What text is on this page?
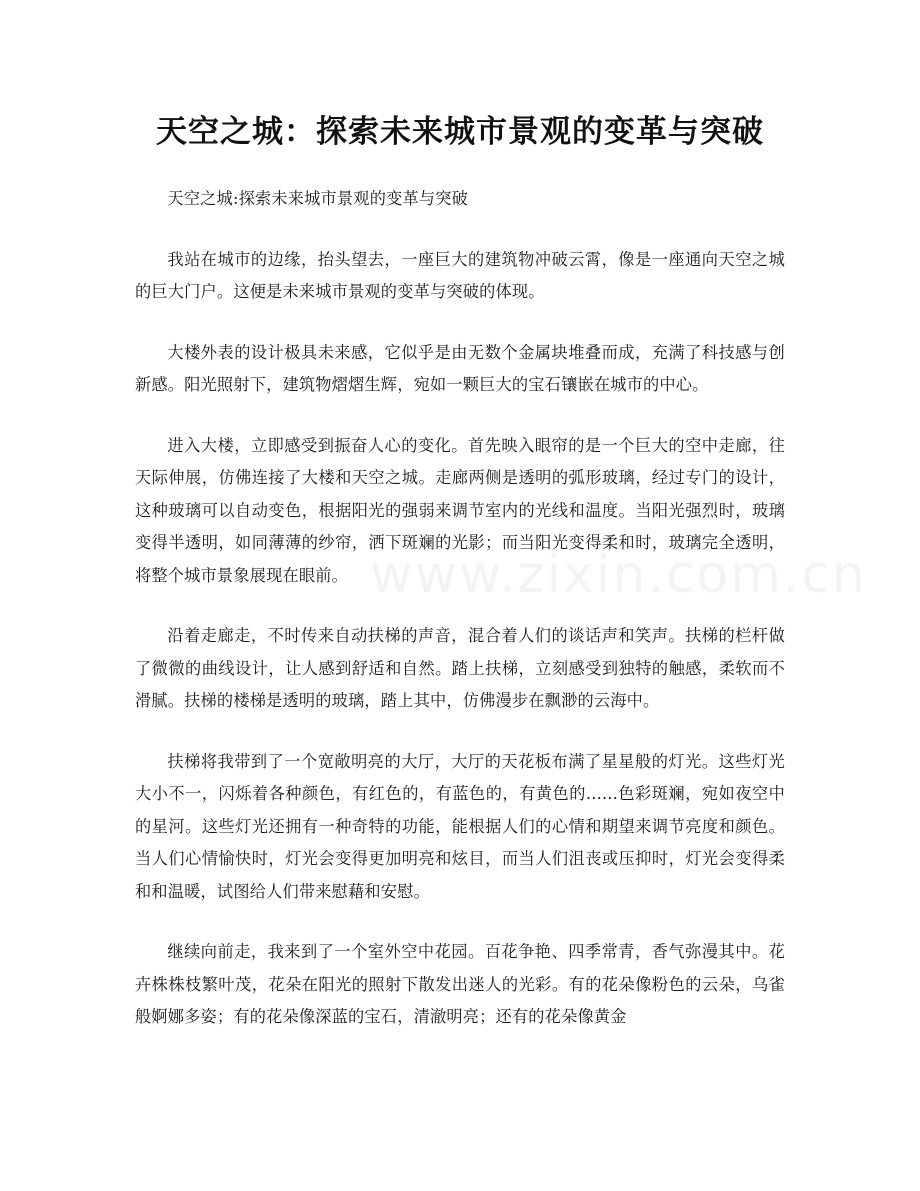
天空之城：探索未来城市景观的变革与突破

天空之城:探索未来城市景观的变革与突破

我站在城市的边缘，抬头望去，一座巨大的建筑物冲破云霄，像是一座通向天空之城的巨大门户。这便是未来城市景观的变革与突破的体现。

大楼外表的设计极具未来感，它似乎是由无数个金属块堆叠而成，充满了科技感与创新感。阳光照射下，建筑物熠熠生辉，宛如一颗巨大的宝石镶嵌在城市的中心。

进入大楼，立即感受到振奋人心的变化。首先映入眼帘的是一个巨大的空中走廊，往天际伸展，仿佛连接了大楼和天空之城。走廊两侧是透明的弧形玻璃，经过专门的设计，这种玻璃可以自动变色，根据阳光的强弱来调节室内的光线和温度。当阳光强烈时，玻璃变得半透明，如同薄薄的纱帘，洒下斑斓的光影；而当阳光变得柔和时，玻璃完全透明，将整个城市景象展现在眼前。

沿着走廊走，不时传来自动扶梯的声音，混合着人们的谈话声和笑声。扶梯的栏杆做了微微的曲线设计，让人感到舒适和自然。踏上扶梯，立刻感受到独特的触感，柔软而不滑腻。扶梯的楼梯是透明的玻璃，踏上其中，仿佛漫步在飘渺的云海中。

扶梯将我带到了一个宽敞明亮的大厅，大厅的天花板布满了星星般的灯光。这些灯光大小不一，闪烁着各种颜色，有红色的，有蓝色的，有黄色的......色彩斑斓，宛如夜空中的星河。这些灯光还拥有一种奇特的功能，能根据人们的心情和期望来调节亮度和颜色。当人们心情愉快时，灯光会变得更加明亮和炫目，而当人们沮丧或压抑时，灯光会变得柔和和温暖，试图给人们带来慰藉和安慰。

继续向前走，我来到了一个室外空中花园。百花争艳、四季常青，香气弥漫其中。花卉株株枝繁叶茂，花朵在阳光的照射下散发出迷人的光彩。有的花朵像粉色的云朵，乌雀般婀娜多姿；有的花朵像深蓝的宝石，清澈明亮；还有的花朵像黄金

www.zixin.com.cn
